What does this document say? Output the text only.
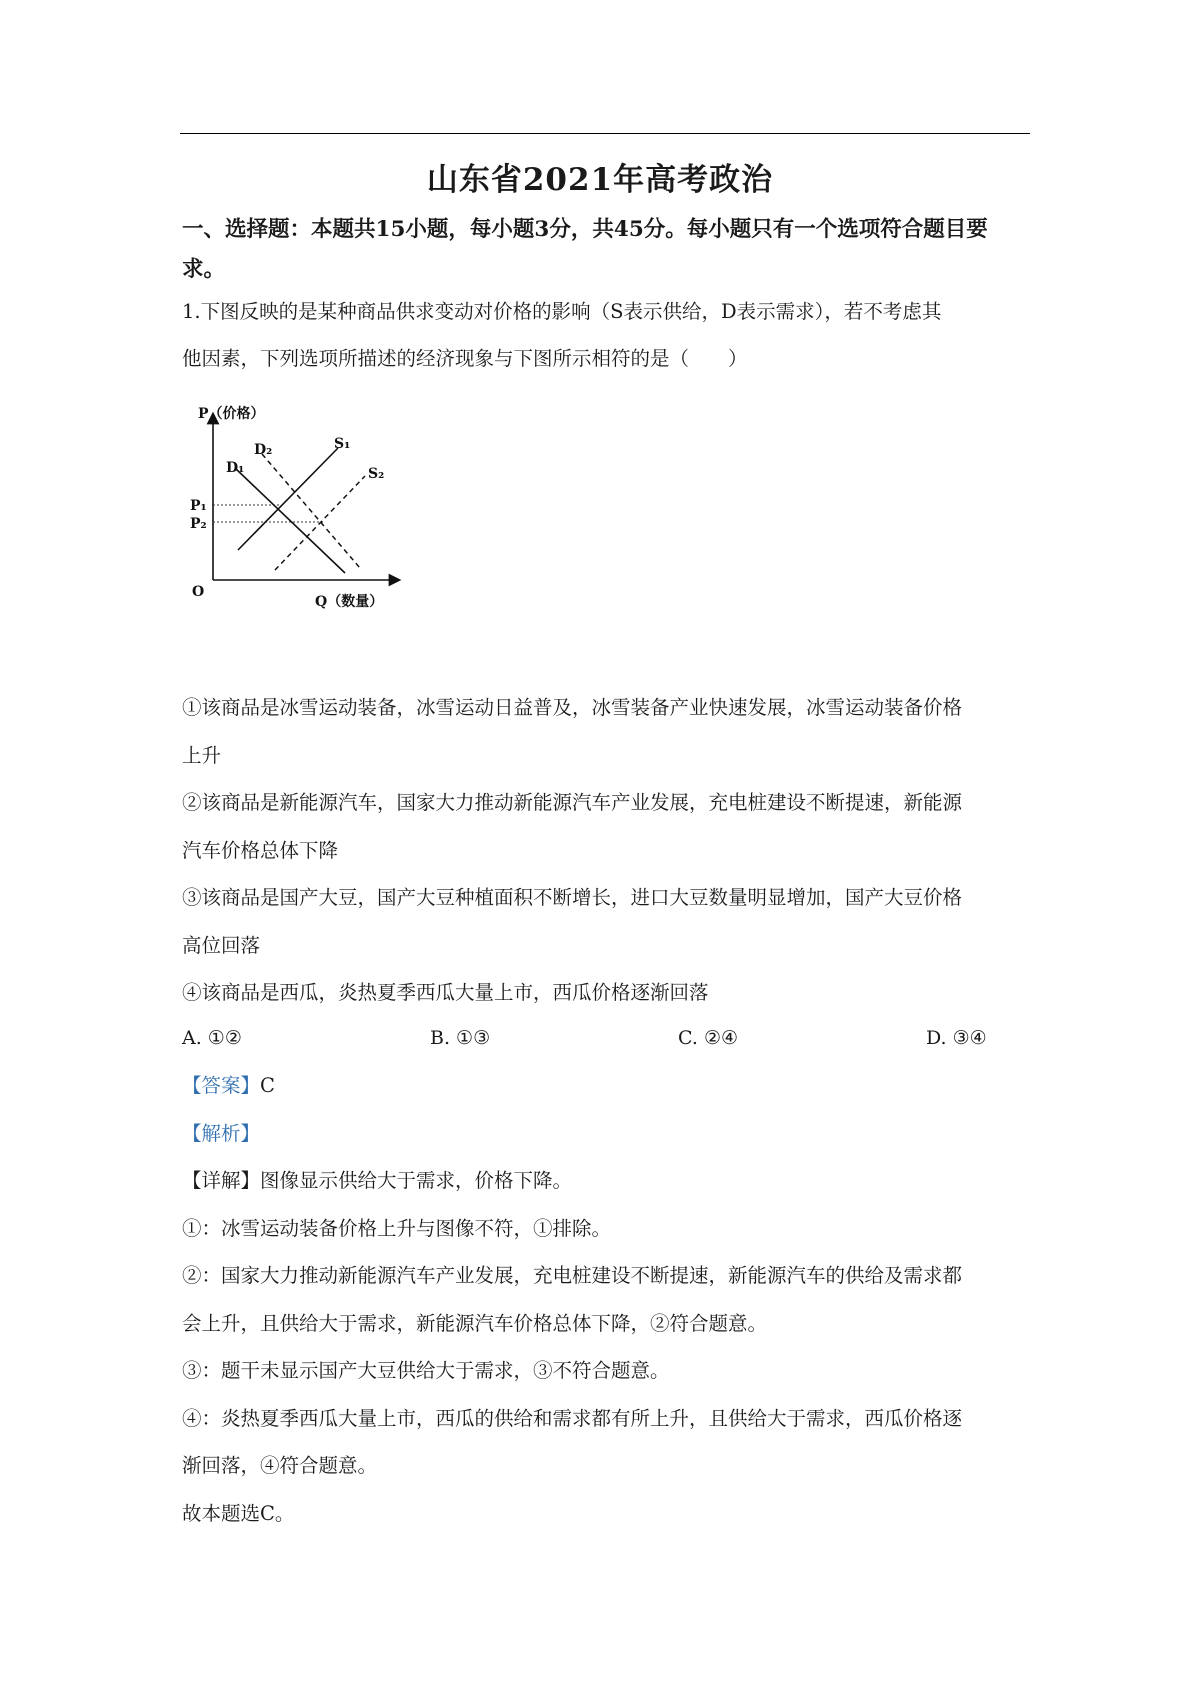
山东省2021年高考政治
一、选择题：本题共15小题，每小题3分，共45分。每小题只有一个选项符合题目要求。

1.下图反映的是某种商品供求变动对价格的影响（S表示供给，D表示需求），若不考虑其

他因素，下列选项所描述的经济现象与下图所示相符的是（　　）

P（价格）
Q（数量）
O
P₁
P₂
D₁
D₂	S₁
S₂

①该商品是冰雪运动装备，冰雪运动日益普及，冰雪装备产业快速发展，冰雪运动装备价格

上升

②该商品是新能源汽车，国家大力推动新能源汽车产业发展，充电桩建设不断提速，新能源

汽车价格总体下降

③该商品是国产大豆，国产大豆种植面积不断增长，进口大豆数量明显增加，国产大豆价格

高位回落

④该商品是西瓜，炎热夏季西瓜大量上市，西瓜价格逐渐回落

A. ①②	B. ①③	C. ②④	D. ③④

【答案】C

【解析】

【详解】图像显示供给大于需求，价格下降。

①：冰雪运动装备价格上升与图像不符，①排除。

②：国家大力推动新能源汽车产业发展，充电桩建设不断提速，新能源汽车的供给及需求都

会上升，且供给大于需求，新能源汽车价格总体下降，②符合题意。

③：题干未显示国产大豆供给大于需求，③不符合题意。

④：炎热夏季西瓜大量上市，西瓜的供给和需求都有所上升，且供给大于需求，西瓜价格逐

渐回落，④符合题意。

故本题选C。
